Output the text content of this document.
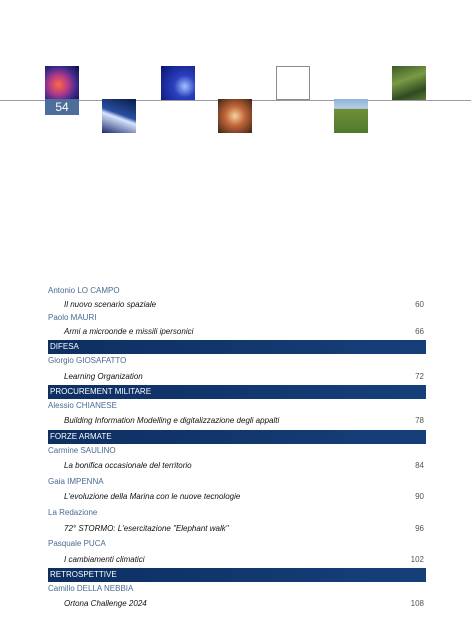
54
Antonio LO CAMPO
Il nuovo scenario spaziale	60
Paolo MAURI
Armi a microonde e missili ipersonici	66
DIFESA
Giorgio GIOSAFATTO
Learning Organization	72
PROCUREMENT MILITARE
Alessio CHIANESE
Building Information Modelling e digitalizzazione degli appalti	78
FORZE ARMATE
Carmine SAULINO
La bonifica occasionale del territorio	84
Gaia IMPENNA
L'evoluzione della Marina con le nuove tecnologie	90
La Redazione
72° STORMO: L'esercitazione "Elephant walk"	96
Pasquale PUCA
I cambiamenti climatici	102
RETROSPETTIVE
Camillo DELLA NEBBIA
Ortona Challenge 2024	108
